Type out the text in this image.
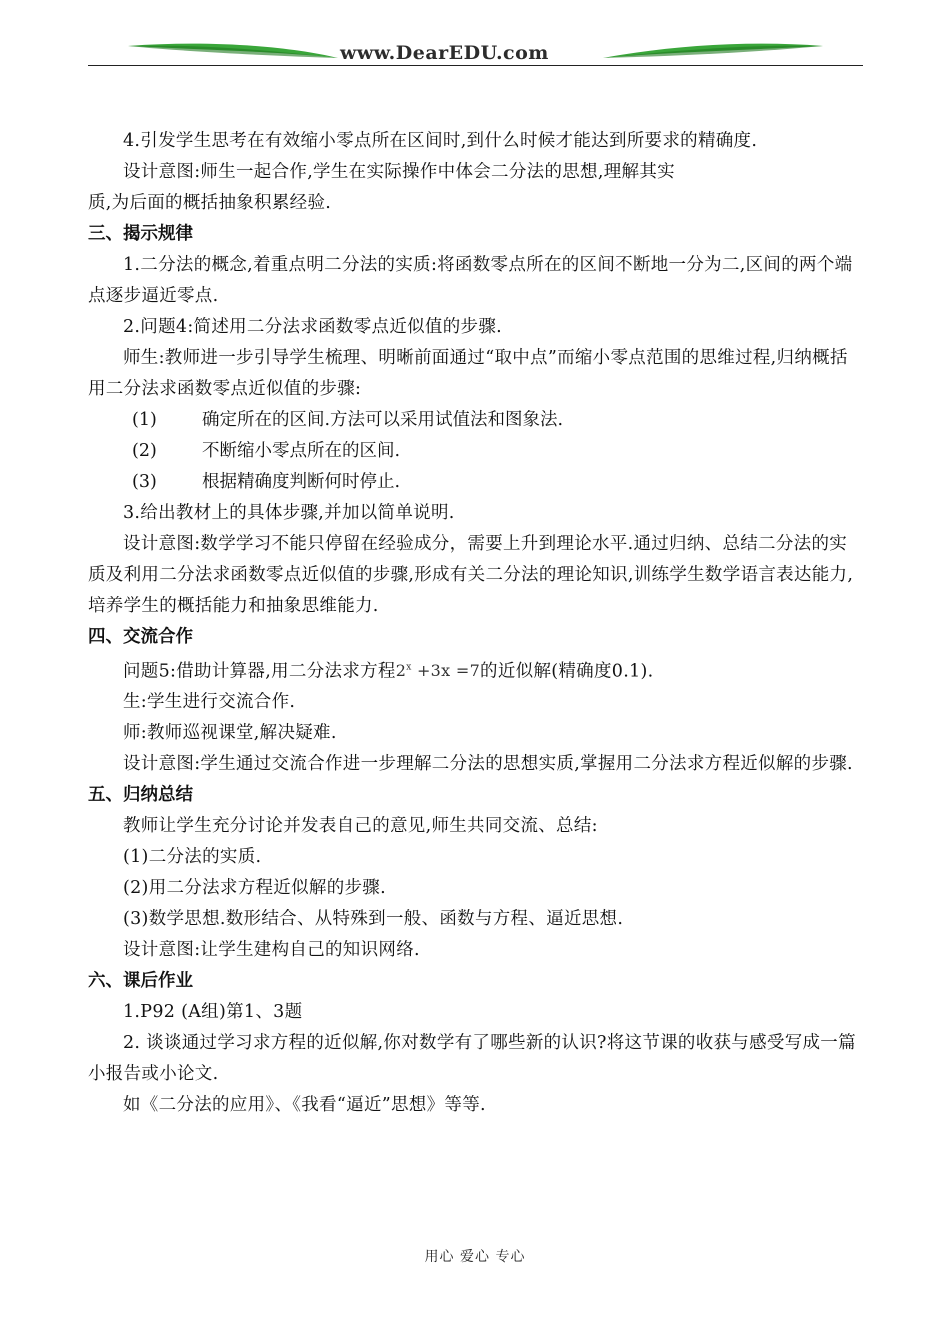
www.DearEDU.com

4.引发学生思考在有效缩小零点所在区间时,到什么时候才能达到所要求的精确度.

设计意图:师生一起合作,学生在实际操作中体会二分法的思想,理解其实

质,为后面的概括抽象积累经验.

三、揭示规律

1.二分法的概念,着重点明二分法的实质:将函数零点所在的区间不断地一分为二,区间的两个端点逐步逼近零点.

2.问题4:简述用二分法求函数零点近似值的步骤.

师生:教师进一步引导学生梳理、明晰前面通过“取中点”而缩小零点范围的思维过程,归纳概括用二分法求函数零点近似值的步骤:

(1)	确定所在的区间.方法可以采用试值法和图象法.

(2)	不断缩小零点所在的区间.

(3)	根据精确度判断何时停止.

3.给出教材上的具体步骤,并加以简单说明.

设计意图:数学学习不能只停留在经验成分，需要上升到理论水平.通过归纳、总结二分法的实质及利用二分法求函数零点近似值的步骤,形成有关二分法的理论知识,训练学生数学语言表达能力,培养学生的概括能力和抽象思维能力.

四、交流合作

问题5:借助计算器,用二分法求方程$2^x +3x =7$的近似解(精确度0.1).

生:学生进行交流合作.

师:教师巡视课堂,解决疑难.

设计意图:学生通过交流合作进一步理解二分法的思想实质,掌握用二分法求方程近似解的步骤.

五、归纳总结

教师让学生充分讨论并发表自己的意见,师生共同交流、总结:

(1)二分法的实质.

(2)用二分法求方程近似解的步骤.

(3)数学思想.数形结合、从特殊到一般、函数与方程、逼近思想.

设计意图:让学生建构自己的知识网络.

六、课后作业

1.P92 (A组)第1、3题

2. 谈谈通过学习求方程的近似解,你对数学有了哪些新的认识?将这节课的收获与感受写成一篇小报告或小论文.

如《二分法的应用》、《我看“逼近”思想》等等.

用心 爱心 专心
